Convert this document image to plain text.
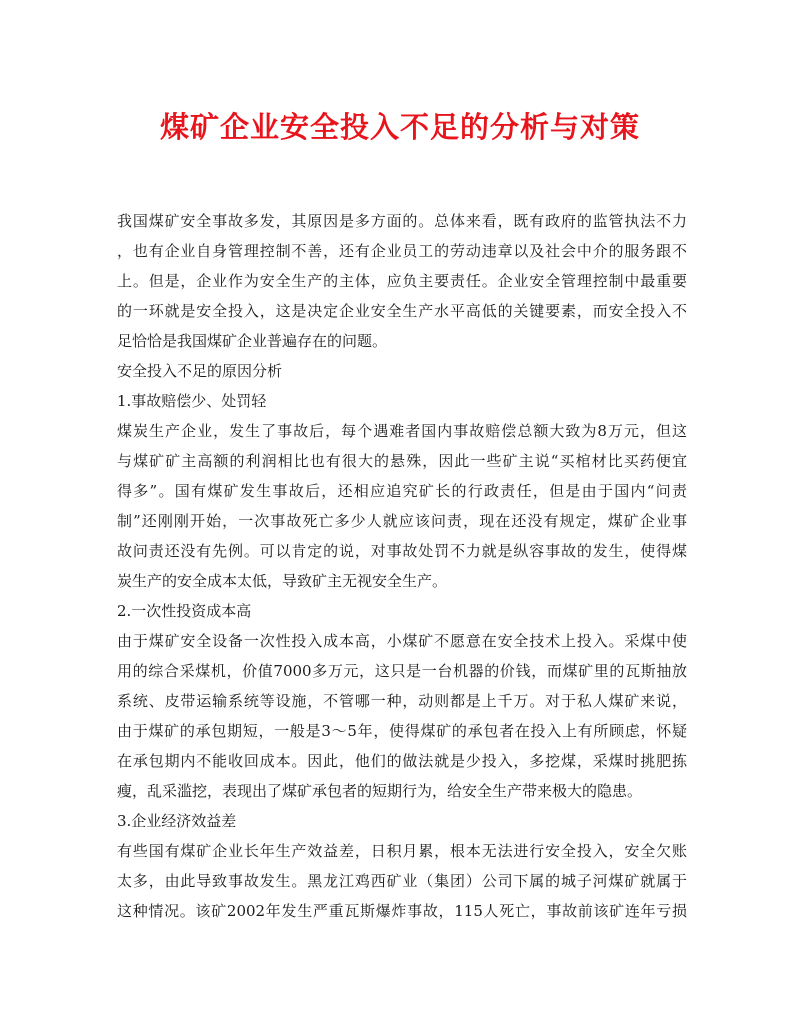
煤矿企业安全投入不足的分析与对策
我国煤矿安全事故多发，其原因是多方面的。总体来看，既有政府的监管执法不力
，也有企业自身管理控制不善，还有企业员工的劳动违章以及社会中介的服务跟不
上。但是，企业作为安全生产的主体，应负主要责任。企业安全管理控制中最重要
的一环就是安全投入，这是决定企业安全生产水平高低的关键要素，而安全投入不
足恰恰是我国煤矿企业普遍存在的问题。
安全投入不足的原因分析
1.事故赔偿少、处罚轻
煤炭生产企业，发生了事故后，每个遇难者国内事故赔偿总额大致为8万元，但这
与煤矿矿主高额的利润相比也有很大的悬殊，因此一些矿主说“买棺材比买药便宜
得多”。国有煤矿发生事故后，还相应追究矿长的行政责任，但是由于国内“问责
制”还刚刚开始，一次事故死亡多少人就应该问责，现在还没有规定，煤矿企业事
故问责还没有先例。可以肯定的说，对事故处罚不力就是纵容事故的发生，使得煤
炭生产的安全成本太低，导致矿主无视安全生产。
2.一次性投资成本高
由于煤矿安全设备一次性投入成本高，小煤矿不愿意在安全技术上投入。采煤中使
用的综合采煤机，价值7000多万元，这只是一台机器的价钱，而煤矿里的瓦斯抽放
系统、皮带运输系统等设施，不管哪一种，动则都是上千万。对于私人煤矿来说，
由于煤矿的承包期短，一般是3～5年，使得煤矿的承包者在投入上有所顾虑，怀疑
在承包期内不能收回成本。因此，他们的做法就是少投入，多挖煤，采煤时挑肥拣
瘦，乱采滥挖，表现出了煤矿承包者的短期行为，给安全生产带来极大的隐患。
3.企业经济效益差
有些国有煤矿企业长年生产效益差，日积月累，根本无法进行安全投入，安全欠账
太多，由此导致事故发生。黑龙江鸡西矿业（集团）公司下属的城子河煤矿就属于
这种情况。该矿2002年发生严重瓦斯爆炸事故，115人死亡，事故前该矿连年亏损
